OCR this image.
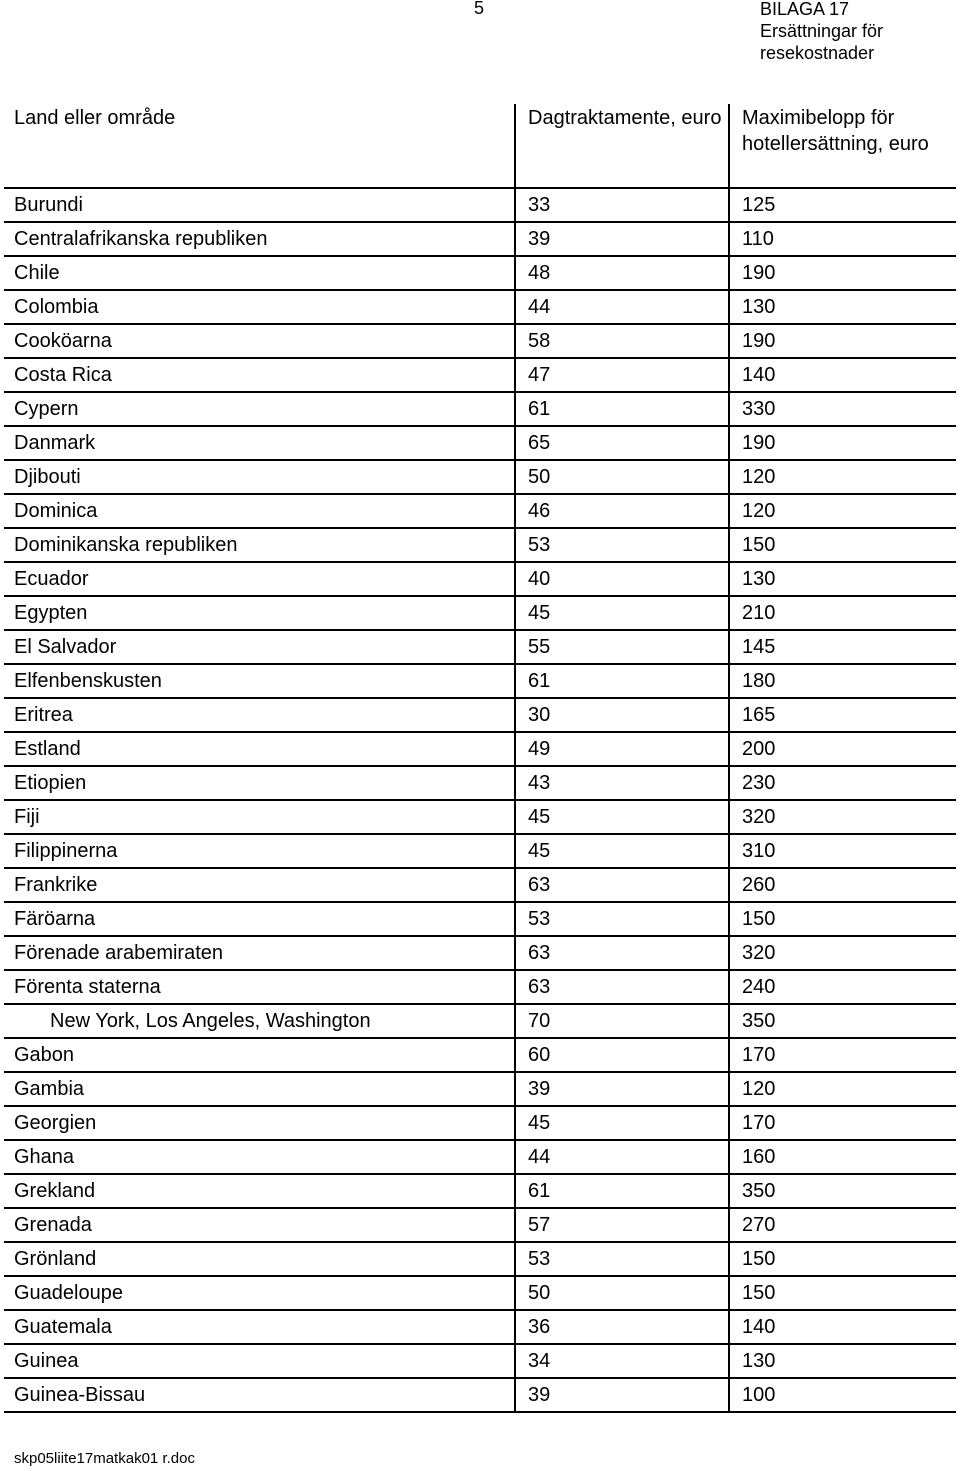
5	BILAGA 17
Ersättningar för
resekostnader
Land eller område	Dagtraktamente, euro	Maximibelopp för hotellersättning, euro
Burundi	33	125
Centralafrikanska republiken	39	110
Chile	48	190
Colombia	44	130
Cooköarna	58	190
Costa Rica	47	140
Cypern	61	330
Danmark	65	190
Djibouti	50	120
Dominica	46	120
Dominikanska republiken	53	150
Ecuador	40	130
Egypten	45	210
El Salvador	55	145
Elfenbenskusten	61	180
Eritrea	30	165
Estland	49	200
Etiopien	43	230
Fiji	45	320
Filippinerna	45	310
Frankrike	63	260
Färöarna	53	150
Förenade arabemiraten	63	320
Förenta staterna	63	240
New York, Los Angeles, Washington	70	350
Gabon	60	170
Gambia	39	120
Georgien	45	170
Ghana	44	160
Grekland	61	350
Grenada	57	270
Grönland	53	150
Guadeloupe	50	150
Guatemala	36	140
Guinea	34	130
Guinea-Bissau	39	100
skp05liite17matkak01 r.doc
